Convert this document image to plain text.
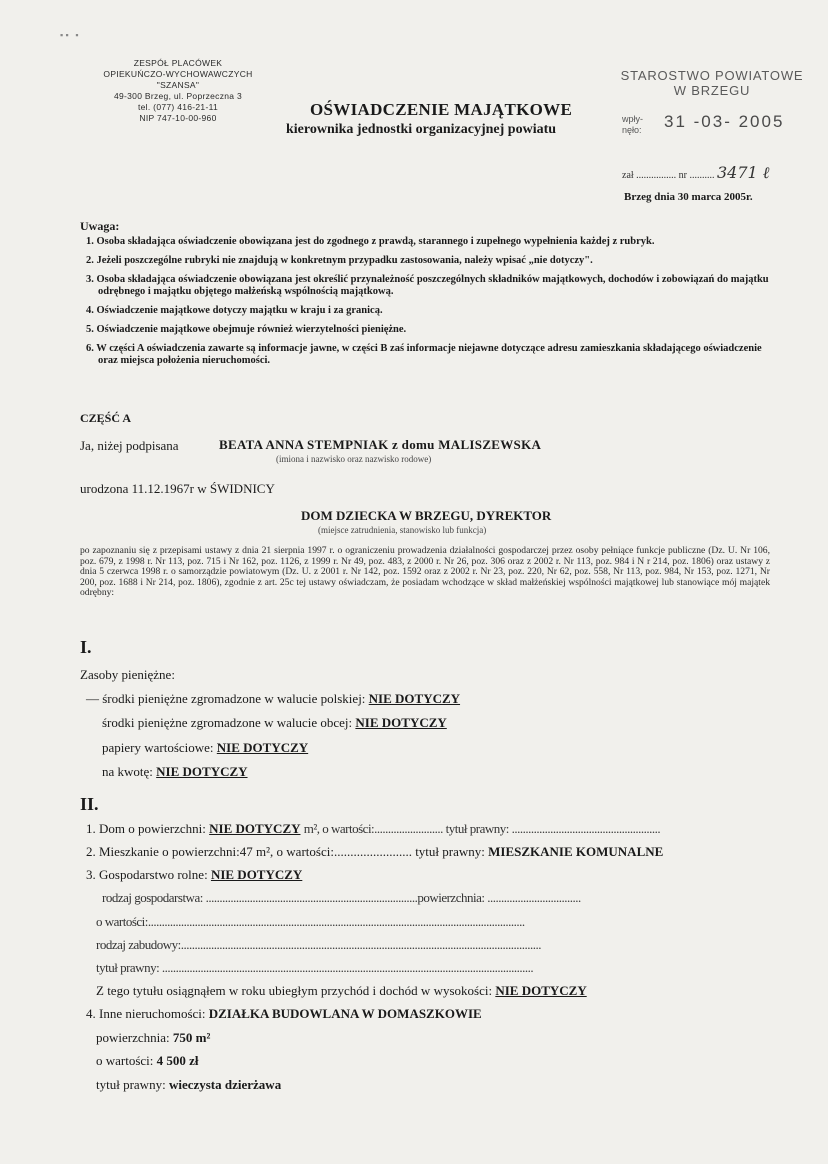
▪ ▪   ▪
ZESPÓŁ PLACÓWEK
OPIEKUŃCZO-WYCHOWAWCZYCH
"SZANSA"
49-300 Brzeg, ul. Poprzeczna 3
tel. (077) 416-21-11
NIP 747-10-00-960	OŚWIADCZENIE MAJĄTKOWE
kierownika jednostki organizacyjnej powiatu
STAROSTWO POWIATOWE
W BRZEGU
wpły- nęło:	31 -03- 2005
zał ................ nr .......... 3471 ℓ
Brzeg dnia 30 marca 2005r.
Uwaga:
1. Osoba składająca oświadczenie obowiązana jest do zgodnego z prawdą, starannego i zupełnego wypełnienia każdej z rubryk.
2. Jeżeli poszczególne rubryki nie znajdują w konkretnym przypadku zastosowania, należy wpisać „nie dotyczy".
3. Osoba składająca oświadczenie obowiązana jest określić przynależność poszczególnych składników majątkowych, dochodów i zobowiązań do majątku odrębnego i majątku objętego małżeńską wspólnością majątkową.
4. Oświadczenie majątkowe dotyczy majątku w kraju i za granicą.
5. Oświadczenie majątkowe obejmuje również wierzytelności pieniężne.
6. W części A oświadczenia zawarte są informacje jawne, w części B zaś informacje niejawne dotyczące adresu zamieszkania składającego oświadczenie oraz miejsca położenia nieruchomości.
CZĘŚĆ A
Ja, niżej podpisana	BEATA ANNA STEMPNIAK z domu MALISZEWSKA
(imiona i nazwisko oraz nazwisko rodowe)
urodzona 11.12.1967r w ŚWIDNICY
DOM DZIECKA W BRZEGU, DYREKTOR
(miejsce zatrudnienia, stanowisko lub funkcja)
po zapoznaniu się z przepisami ustawy z dnia 21 sierpnia 1997 r. o ograniczeniu prowadzenia działalności gospodarczej przez osoby pełniące funkcje publiczne (Dz. U. Nr 106, poz. 679, z 1998 r. Nr 113, poz. 715 i Nr 162, poz. 1126, z 1999 r. Nr 49, poz. 483, z 2000 r. Nr 26, poz. 306 oraz z 2002 r. Nr 113, poz. 984 i N r 214, poz. 1806) oraz ustawy z dnia 5 czerwca 1998 r. o samorządzie powiatowym (Dz. U. z 2001 r. Nr 142, poz. 1592 oraz z 2002 r. Nr 23, poz. 220, Nr 62, poz. 558, Nr 113, poz. 984, Nr 153, poz. 1271, Nr 200, poz. 1688 i Nr 214, poz. 1806), zgodnie z art. 25c tej ustawy oświadczam, że posiadam wchodzące w skład małżeńskiej wspólności majątkowej lub stanowiące mój majątek odrębny:
I.
Zasoby pieniężne:
— środki pieniężne zgromadzone w walucie polskiej: NIE DOTYCZY
środki pieniężne zgromadzone w walucie obcej: NIE DOTYCZY
papiery wartościowe: NIE DOTYCZY
na kwotę: NIE DOTYCZY
II.
1. Dom o powierzchni: NIE DOTYCZY m², o wartości:......................... tytuł prawny: ......................................................
2. Mieszkanie o powierzchni:47 m², o wartości:........................ tytuł prawny: MIESZKANIE KOMUNALNE
3. Gospodarstwo rolne: NIE DOTYCZY
rodzaj gospodarstwa: .............................................................................powierzchnia: ..................................
o wartości:.........................................................................................................................................
rodzaj zabudowy:...................................................................................................................................
tytuł prawny: .......................................................................................................................................
Z tego tytułu osiągnąłem w roku ubiegłym przychód i dochód w wysokości: NIE DOTYCZY
4. Inne nieruchomości: DZIAŁKA BUDOWLANA W DOMASZKOWIE
powierzchnia: 750 m²
o wartości: 4 500 zł
tytuł prawny: wieczysta dzierżawa
